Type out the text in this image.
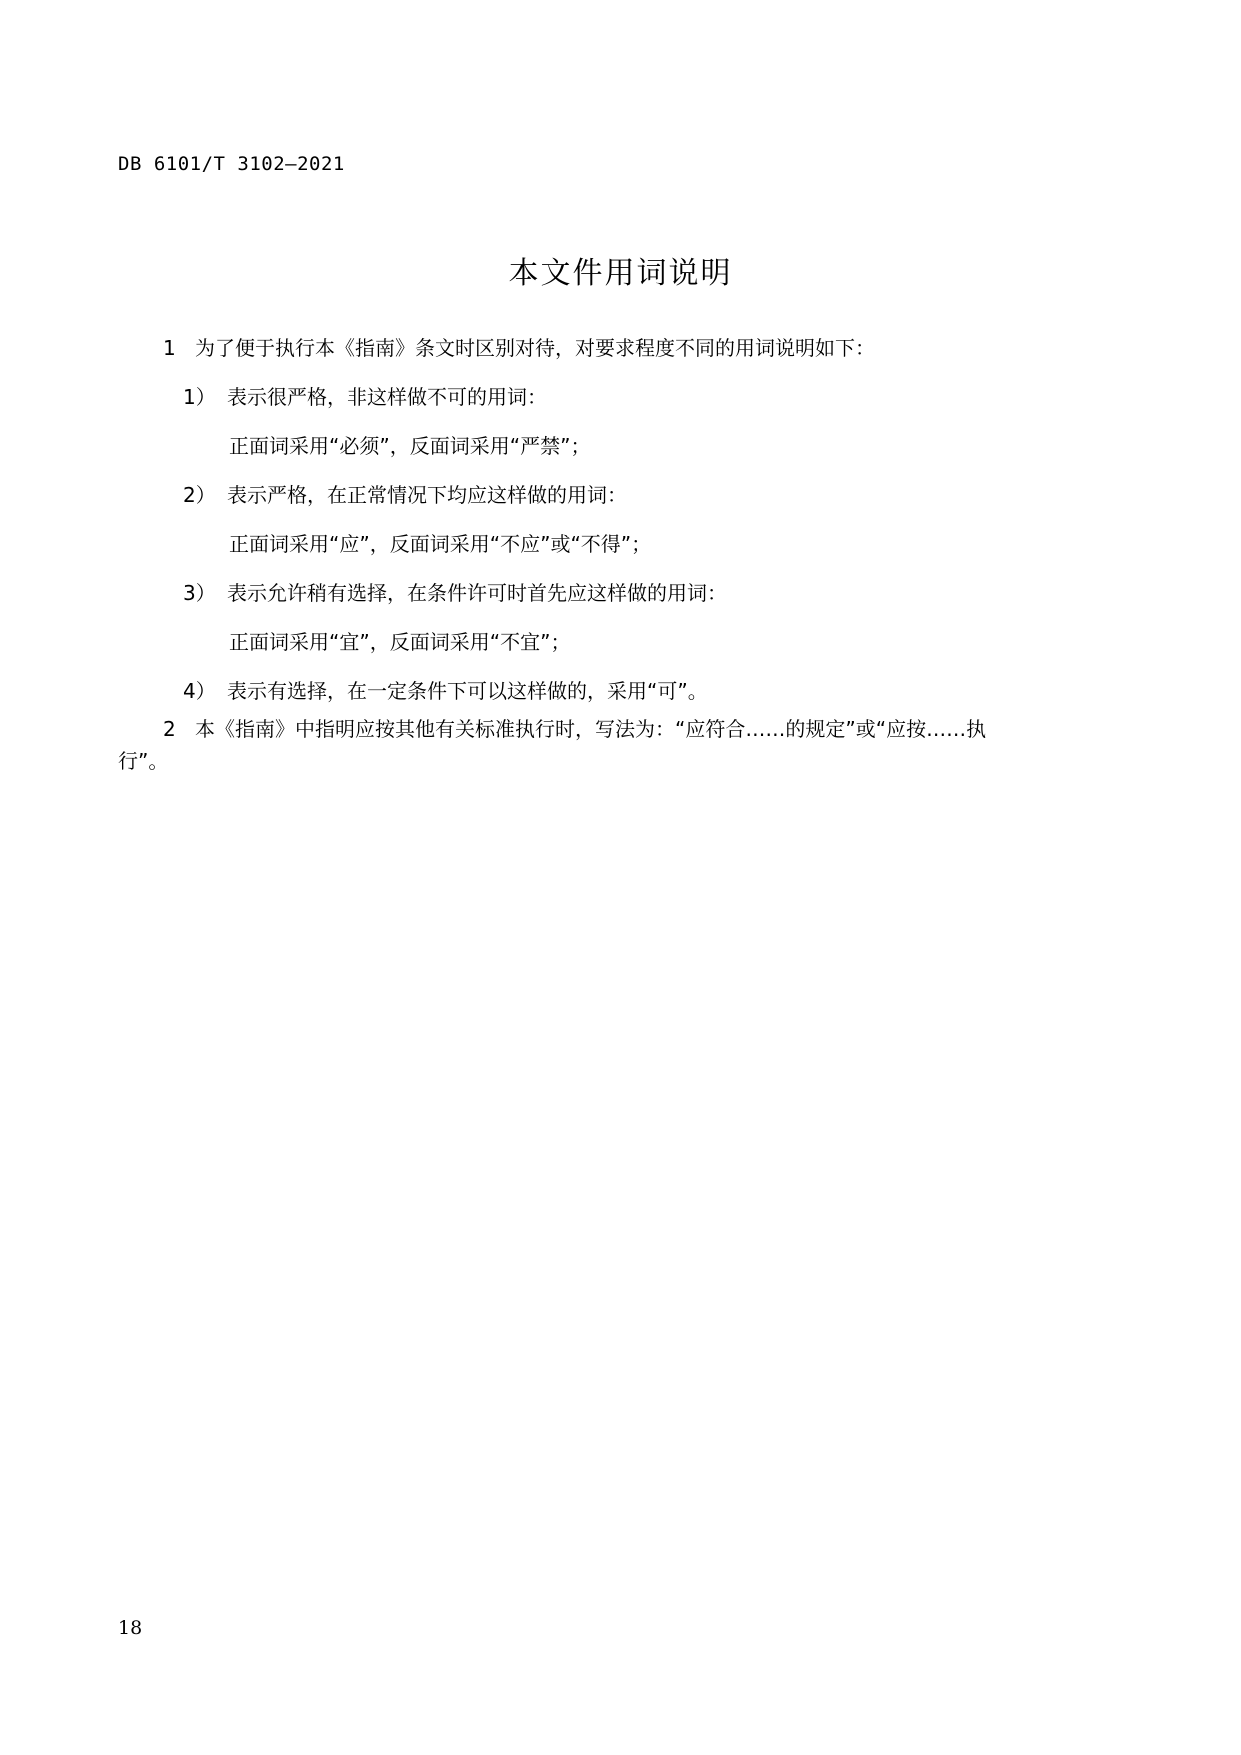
DB 6101/T 3102—2021
本文件用词说明
1 为了便于执行本《指南》条文时区别对待，对要求程度不同的用词说明如下：
1） 表示很严格，非这样做不可的用词：
正面词采用“必须”，反面词采用“严禁”；
2） 表示严格，在正常情况下均应这样做的用词：
正面词采用“应”，反面词采用“不应”或“不得”；
3） 表示允许稍有选择，在条件许可时首先应这样做的用词：
正面词采用“宜”，反面词采用“不宜”；
4） 表示有选择，在一定条件下可以这样做的，采用“可”。
2 本《指南》中指明应按其他有关标准执行时，写法为：“应符合……的规定”或“应按……执
行”。
18
